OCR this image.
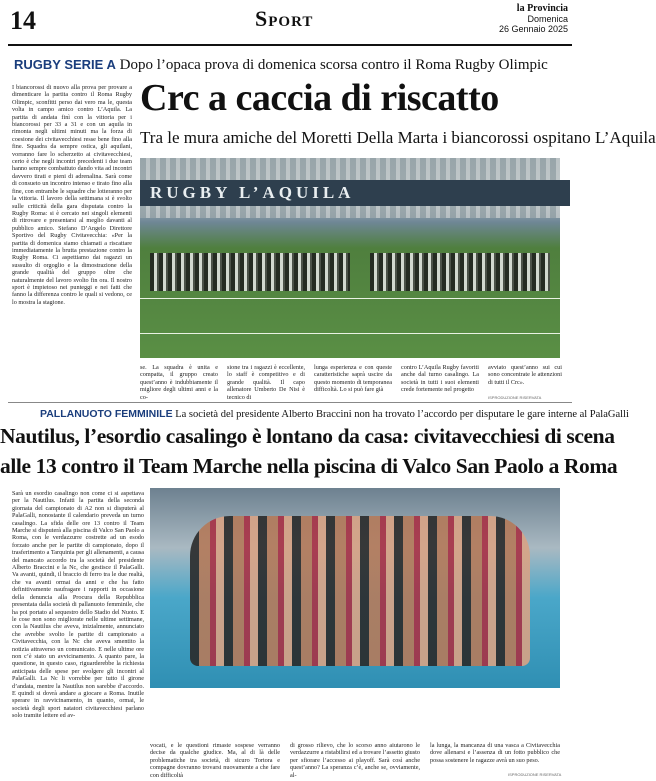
14	Sport	la Provincia
Domenica
26 Gennaio 2025
RUGBY SERIE A Dopo l’opaca prova di domenica scorsa contro il Roma Rugby Olimpic
Crc a caccia di riscatto
Tra le mura amiche del Moretti Della Marta i biancorossi ospitano L’Aquila
I biancorossi di nuovo alla prova per provare a dimenticare la partita contro il Roma Rugby Olimpic, sconfitti perso dai vero ma le, questa volta in campo amico contro L’Aquila. La partita di andata finì con la vittoria per i biancorossi per 33 a 31 e con un aquila in rimonta negli ultimi minuti ma la forza di coesione dei civitavecchiesi resse bene fino alla fine. Squadra da sempre ostica, gli aquilani, vorranno fare lo scherzetto ai civitavecchiesi, certo è che negli incontri precedenti i due team hanno sempre combattuto dando vita ad incontri davvero tirati e pieni di adrenalina. Sarà come di consueto un incontro intenso e tirato fino alla fine, con entrambe le squadre che lotteranno per la vittoria. Il lavoro della settimana si è svolto sulle criticità della gara disputata contro la Rugby Roma: si è cercato nei singoli elementi di ritrovare e presentarsi al meglio davanti al pubblico amico. Stefano D’Angelo Direttore Sportivo del Rugby Civitavecchia: «Per la partita di domenica siamo chiamati a riscattare immediatamente la brutta prestazione contro la Rugby Roma. Ci aspettiamo dai ragazzi un sussulto di orgoglio e la dimostrazione della grande qualità del gruppo oltre che naturalmente del lavoro svolto fin ora. Il nostro sport è impietoso nei punteggi e nei fatti che fanno la differenza contro le quali si vedono, ce lo mostra la stagione.
RUGBY L’AQUILA
ISPRODUZIONE RISERVATA
se. La squadra è unita e compatta, il gruppo creato quest’anno è indubbiamente il migliore degli ultimi anni e la co-
sione tra i ragazzi è eccellente, lo staff è competitivo e di grande qualità. Il capo allenatore Umberto De Nisi è tecnico di
lunga esperienza e con queste caratteristiche saprà uscire da questo momento di temporanea difficoltà. Lo si può fare già
contro L’Aquila Rugby favoriti anche dal turno casalingo. La società in tutti i suoi elementi crede fortemente nel progetto
avviato quest’anno sui cui sono concentrate le attenzioni di tutti il Crc».
PALLANUOTO FEMMINILE La società del presidente Alberto Braccini non ha trovato l’accordo per disputare le gare interne al PalaGalli
Nautilus, l’esordio casalingo è lontano da casa: civitavecchiesi di scena
alle 13 contro il Team Marche nella piscina di Valco San Paolo a Roma
Sarà un esordio casalingo non come ci si aspettava per la Nautilus. Infatti la partita della seconda giornata del campionato di A2 non si disputerà al PalaGalli, nonostante il calendario preveda un turno casalingo. La sfida delle ore 13 contro il Team Marche si disputerà alla piscina di Valco San Paolo a Roma, con le verdazzurre costrette ad un esodo forzato anche per le partite di campionato, dopo il trasferimento a Tarquinia per gli allenamenti, a causa del mancato accordo tra la società del presidente Alberto Braccini e la Nc, che gestisce il PalaGalli. Va avanti, quindi, il braccio di ferro tra le due realtà, che va avanti ormai da anni e che ha fatto definitivamente naufragare i rapporti in occasione della denuncia alla Procura della Repubblica presentata dalla società di pallanuoto femminile, che ha poi portato al sequestro dello Stadio del Nuoto. E le cose non sono migliorate nelle ultime settimane, con la Nautilus che aveva, inizialmente, annunciato che avrebbe svolto le partite di campionato a Civitavecchia, con la Nc che aveva smentito la notizia attraverso un comunicato. E nelle ultime ore non c’è stato un avvicinamento. A quanto pare, la questione, in questo caso, riguarderebbe la richiesta anticipata delle spese per svolgere gli incontri al PalaGalli. La Nc li vorrebbe per tutto il girone d’andata, mentre la Nautilus non sarebbe d’accordo. E quindi si dovrà andare a giocare a Roma. Inutile sperare in ravvicinamento, in quanto, ormai, le società degli sport natatori civitavecchiesi parlano solo tramite lettere ed av-
ISPRODUZIONE RISERVATA
vocati, e le questioni rimaste sospese verranno decise da qualche giudice. Ma, al di là delle problematiche tra società, di sicuro Tortora e compagne dovranno trovarsi nuovamente a che fare con difficoltà
di grosso rilievo, che lo scorso anno aiutarono le verdazzurre a ristabilirsi ed a trovare l’assetto giusto per sfiorare l’accesso ai playoff. Sarà così anche quest’anno? La speranza c’è, anche se, ovviamente, al-
la lunga, la mancanza di una vasca a Civitavecchia dove allenarsi e l’assenza di un fotto pubblico che possa sostenere le ragazze avrà un suo peso.
